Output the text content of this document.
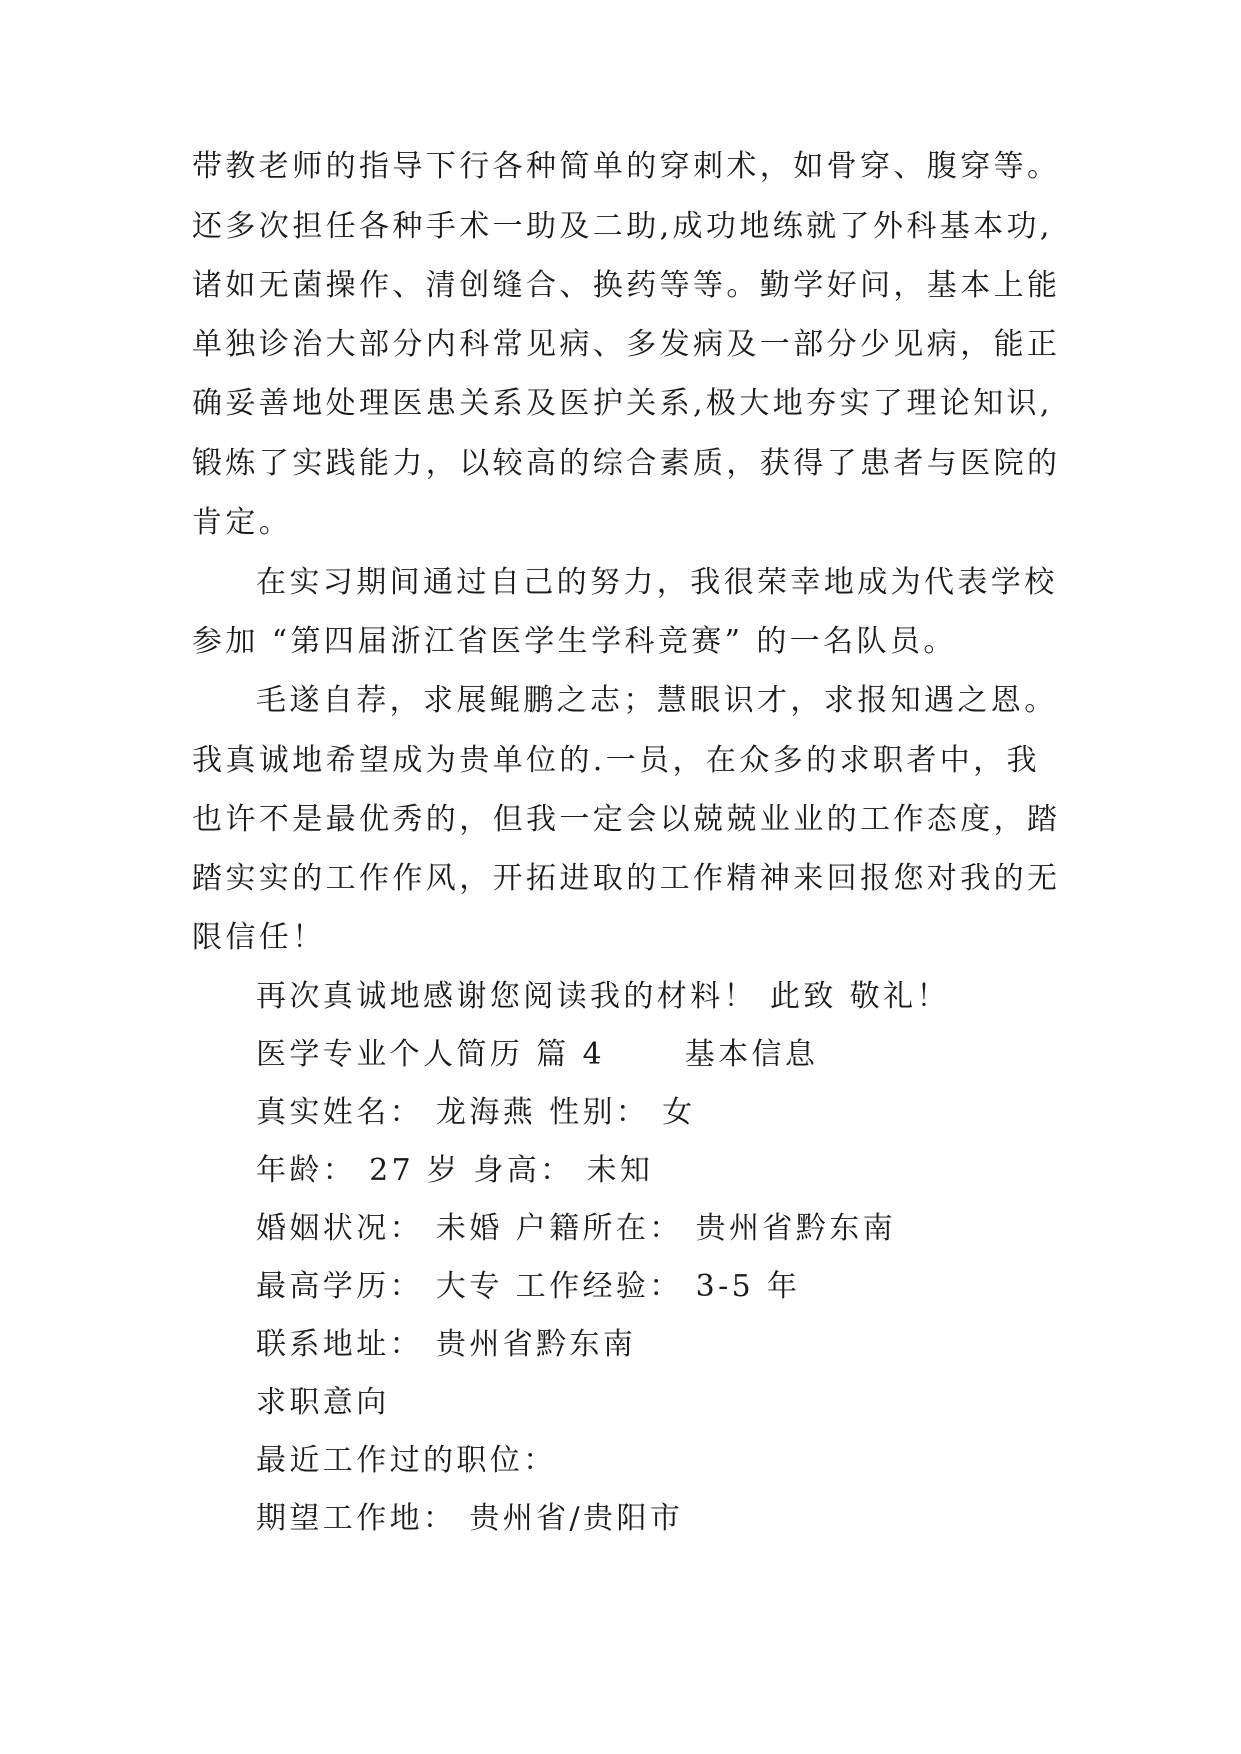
带教老师的指导下行各种简单的穿刺术，如骨穿、腹穿等。
还多次担任各种手术一助及二助,成功地练就了外科基本功,
诸如无菌操作、清创缝合、换药等等。勤学好问，基本上能
单独诊治大部分内科常见病、多发病及一部分少见病，能正
确妥善地处理医患关系及医护关系,极大地夯实了理论知识,
锻炼了实践能力，以较高的综合素质，获得了患者与医院的
肯定。
在实习期间通过自己的努力，我很荣幸地成为代表学校
参加 “第四届浙江省医学生学科竞赛” 的一名队员。
毛遂自荐，求展鲲鹏之志；慧眼识才，求报知遇之恩。
我真诚地希望成为贵单位的.一员，在众多的求职者中，我
也许不是最优秀的，但我一定会以兢兢业业的工作态度，踏
踏实实的工作作风，开拓进取的工作精神来回报您对我的无
限信任！
再次真诚地感谢您阅读我的材料！ 此致 敬礼！
医学专业个人简历 篇 4 　　基本信息
真实姓名： 龙海燕 性别： 女
年龄： 27 岁 身高： 未知
婚姻状况： 未婚 户籍所在： 贵州省黔东南
最高学历： 大专 工作经验： 3-5 年
联系地址： 贵州省黔东南
求职意向
最近工作过的职位：
期望工作地： 贵州省/贵阳市
